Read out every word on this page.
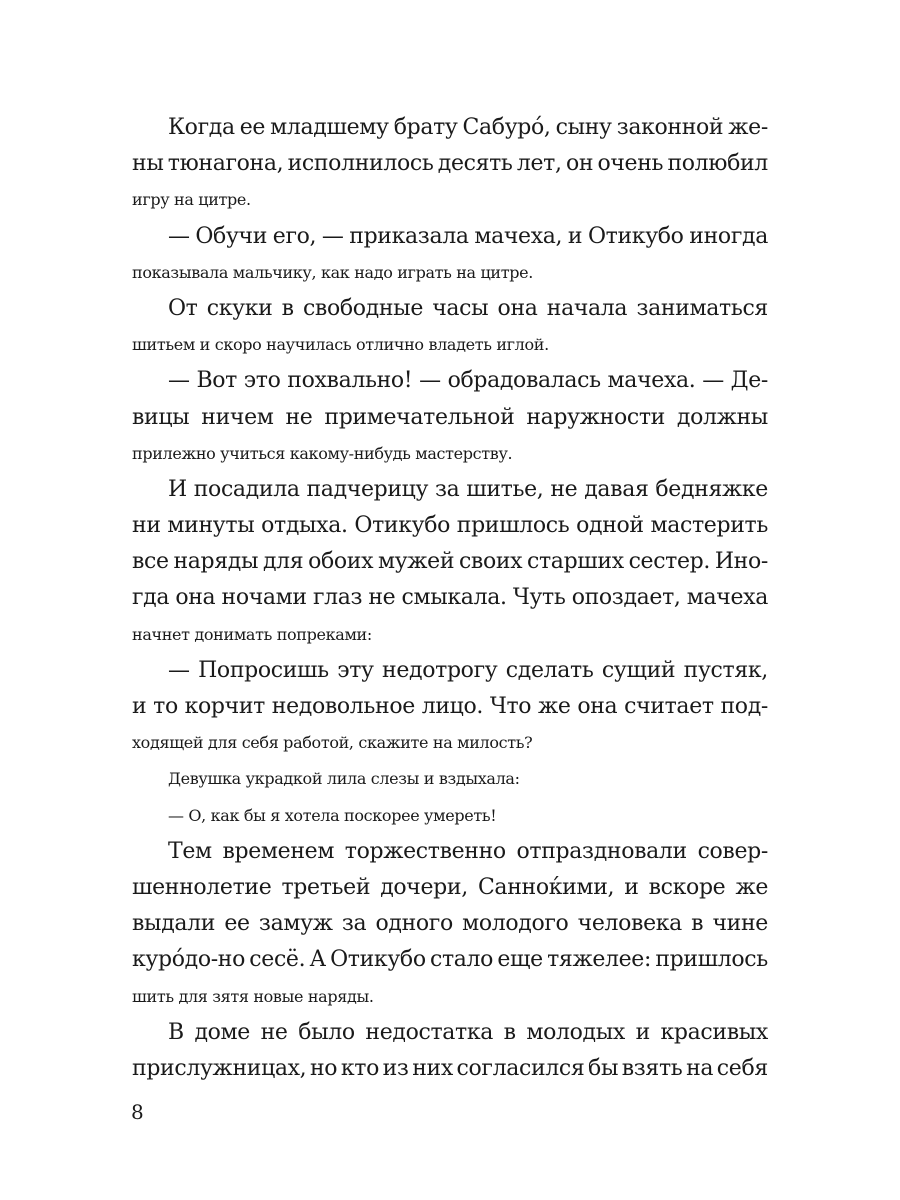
Когда ее младшему брату Сабуро́, сыну законной же-
ны тюнагона, исполнилось десять лет, он очень полюбил
игру на цитре.
— Обучи его, — приказала мачеха, и Отикубо иногда
показывала мальчику, как надо играть на цитре.
От скуки в свободные часы она начала заниматься
шитьем и скоро научилась отлично владеть иглой.
— Вот это похвально! — обрадовалась мачеха. — Де-
вицы ничем не примечательной наружности должны
прилежно учиться какому-нибудь мастерству.
И посадила падчерицу за шитье, не давая бедняжке
ни минуты отдыха. Отикубо пришлось одной мастерить
все наряды для обоих мужей своих старших сестер. Ино-
гда она ночами глаз не смыкала. Чуть опоздает, мачеха
начнет донимать попреками:
— Попросишь эту недотрогу сделать сущий пустяк,
и то корчит недовольное лицо. Что же она считает под-
ходящей для себя работой, скажите на милость?
Девушка украдкой лила слезы и вздыхала:
— О, как бы я хотела поскорее умереть!
Тем временем торжественно отпраздновали совер-
шеннолетие третьей дочери, Санноќими, и вскоре же
выдали ее замуж за одного молодого человека в чине
куро́до-но сесё. А Отикубо стало еще тяжелее: пришлось
шить для зятя новые наряды.
В доме не было недостатка в молодых и красивых
прислужницах, но кто из них согласился бы взять на себя
8
